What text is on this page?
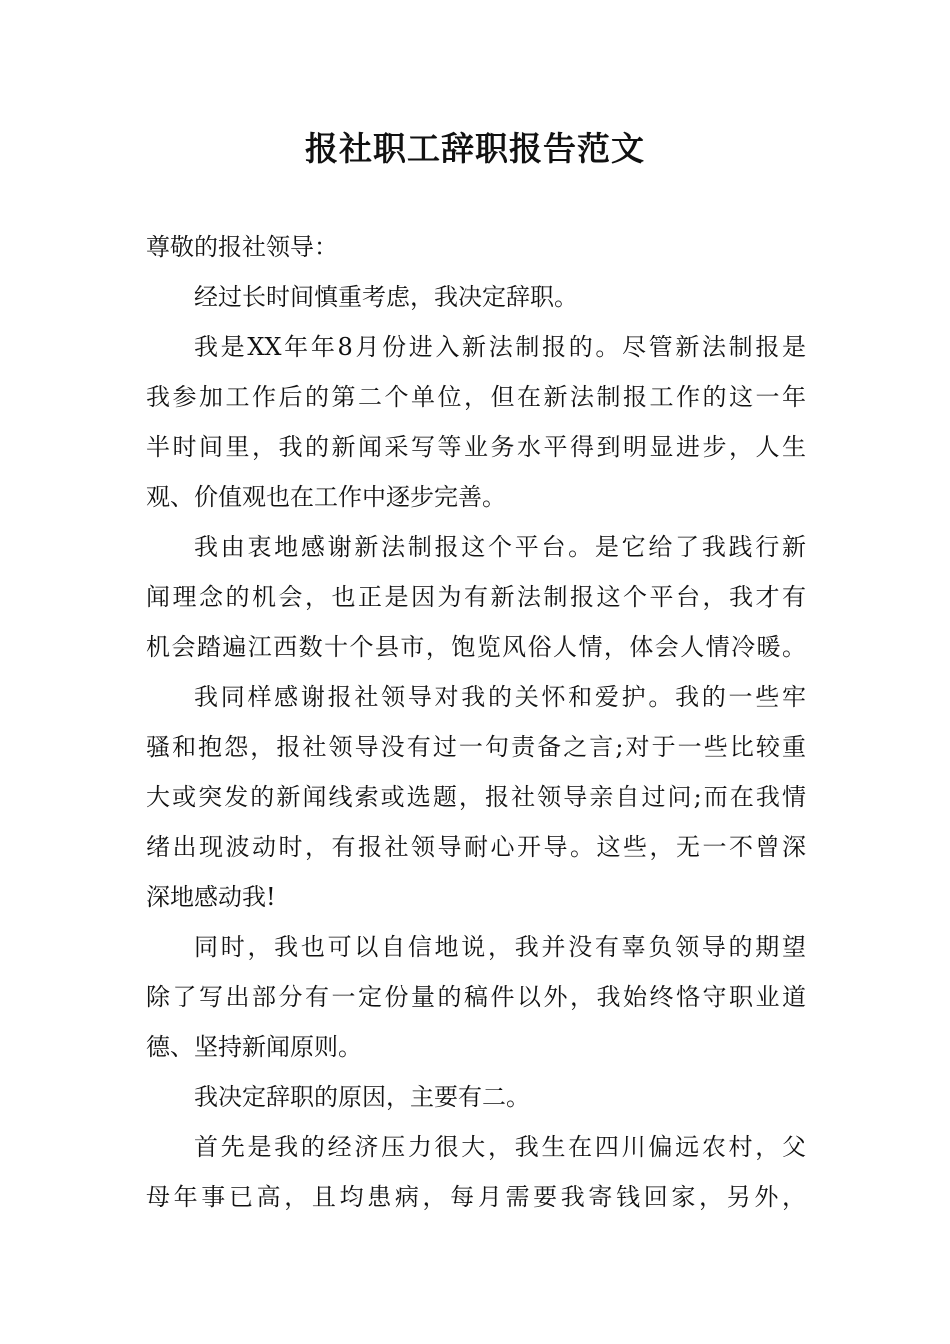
报社职工辞职报告范文
尊敬的报社领导：
经过长时间慎重考虑，我决定辞职。
我是XX年年8月份进入新法制报的。尽管新法制报是
我参加工作后的第二个单位，但在新法制报工作的这一年
半时间里，我的新闻采写等业务水平得到明显进步，人生
观、价值观也在工作中逐步完善。
我由衷地感谢新法制报这个平台。是它给了我践行新
闻理念的机会，也正是因为有新法制报这个平台，我才有
机会踏遍江西数十个县市，饱览风俗人情，体会人情冷暖。
我同样感谢报社领导对我的关怀和爱护。我的一些牢
骚和抱怨，报社领导没有过一句责备之言;对于一些比较重
大或突发的新闻线索或选题，报社领导亲自过问;而在我情
绪出现波动时，有报社领导耐心开导。这些，无一不曾深
深地感动我!
同时，我也可以自信地说，我并没有辜负领导的期望
除了写出部分有一定份量的稿件以外，我始终恪守职业道
德、坚持新闻原则。
我决定辞职的原因，主要有二。
首先是我的经济压力很大，我生在四川偏远农村，父
母年事已高，且均患病，每月需要我寄钱回家，另外，
